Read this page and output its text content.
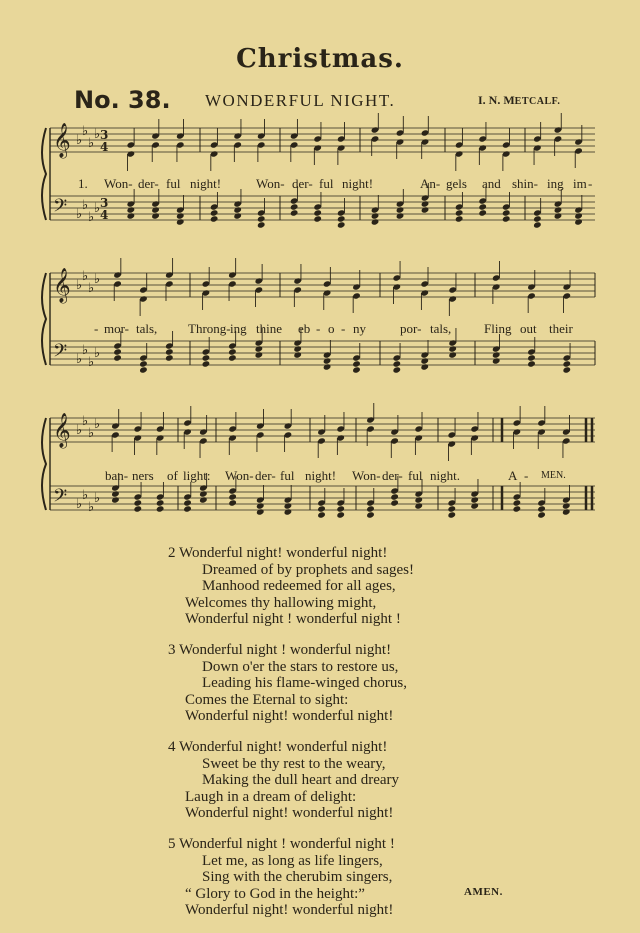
Christmas.
No. 38. WONDERFUL NIGHT.	I. N. METCALF.
𝄞
𝄢
♭
♭
♭
♭
♭
♭
♭
♭
3
4
3
4
1. Won- der- ful night!	Won- der- ful night!	An- gels and shin- ing im -
𝄞
𝄢
♭
♭
♭
♭
♭
♭
♭
♭
- mor- tals, Throng- ing thine eb - o - ny	por- tals,	Fling out their
𝄞
𝄢
♭
♭
♭
♭
♭
♭
♭
♭
ban- ners of light: Won- der- ful night! Won- der- ful night.	A - MEN.
2 Wonderful night! wonderful night!
Dreamed of by prophets and sages!
Manhood redeemed for all ages,
Welcomes thy hallowing might,
Wonderful night ! wonderful night !
3 Wonderful night ! wonderful night!
Down o'er the stars to restore us,
Leading his flame-winged chorus,
Comes the Eternal to sight:
Wonderful night! wonderful night!
4 Wonderful night! wonderful night!
Sweet be thy rest to the weary,
Making the dull heart and dreary
Laugh in a dream of delight:
Wonderful night! wonderful night!
5 Wonderful night ! wonderful night !
Let me, as long as life lingers,
Sing with the cherubim singers,
“ Glory to God in the height:”
Wonderful night! wonderful night!
AMEN.
